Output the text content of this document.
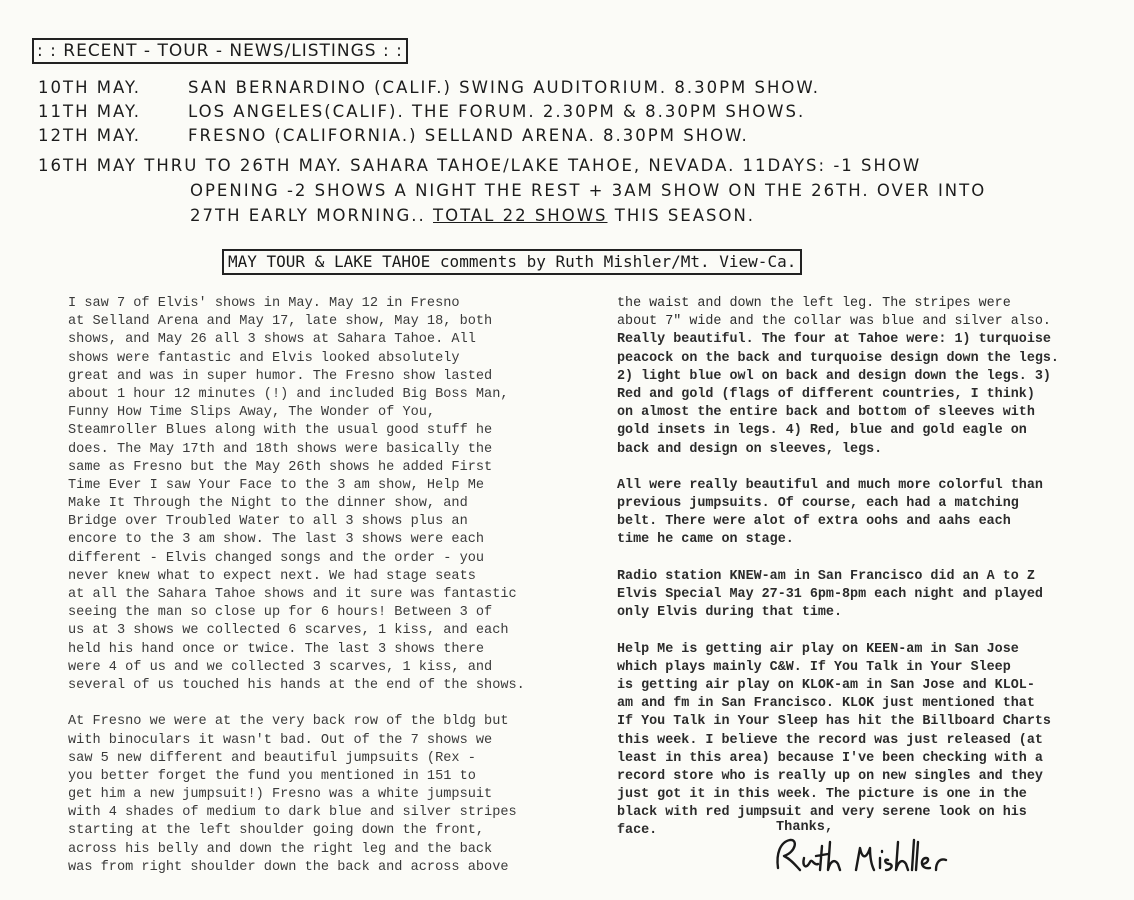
: : RECENT - TOUR - NEWS/LISTINGS : :
10TH MAY.	SAN BERNARDINO (CALIF.) SWING AUDITORIUM. 8.30PM SHOW.
11TH MAY.	LOS ANGELES(CALIF). THE FORUM. 2.30PM & 8.30PM SHOWS.
12TH MAY.	FRESNO (CALIFORNIA.) SELLAND ARENA. 8.30PM SHOW.
16TH MAY THRU TO 26TH MAY. SAHARA TAHOE/LAKE TAHOE, NEVADA. 11DAYS: -1 SHOW
OPENING -2 SHOWS A NIGHT THE REST + 3AM SHOW ON THE 26TH. OVER INTO
27TH EARLY MORNING.. TOTAL 22 SHOWS THIS SEASON.
MAY TOUR & LAKE TAHOE comments by Ruth Mishler/Mt. View-Ca.
I saw 7 of Elvis' shows in May. May 12 in Fresno
at Selland Arena and May 17, late show, May 18, both
shows, and May 26 all 3 shows at Sahara Tahoe. All
shows were fantastic and Elvis looked absolutely
great and was in super humor. The Fresno show lasted
about 1 hour 12 minutes (!) and included Big Boss Man,
Funny How Time Slips Away, The Wonder of You,
Steamroller Blues along with the usual good stuff he
does. The May 17th and 18th shows were basically the
same as Fresno but the May 26th shows he added First
Time Ever I saw Your Face to the 3 am show, Help Me
Make It Through the Night to the dinner show, and
Bridge over Troubled Water to all 3 shows plus an
encore to the 3 am show. The last 3 shows were each
different - Elvis changed songs and the order - you
never knew what to expect next. We had stage seats
at all the Sahara Tahoe shows and it sure was fantastic
seeing the man so close up for 6 hours! Between 3 of
us at 3 shows we collected 6 scarves, 1 kiss, and each
held his hand once or twice. The last 3 shows there
were 4 of us and we collected 3 scarves, 1 kiss, and
several of us touched his hands at the end of the shows.
At Fresno we were at the very back row of the bldg but
with binoculars it wasn't bad. Out of the 7 shows we
saw 5 new different and beautiful jumpsuits (Rex -
you better forget the fund you mentioned in 151 to
get him a new jumpsuit!) Fresno was a white jumpsuit
with 4 shades of medium to dark blue and silver stripes
starting at the left shoulder going down the front,
across his belly and down the right leg and the back
was from right shoulder down the back and across above
the waist and down the left leg. The stripes were
about 7" wide and the collar was blue and silver also.
Really beautiful. The four at Tahoe were: 1) turquoise
peacock on the back and turquoise design down the legs.
2) light blue owl on back and design down the legs. 3)
Red and gold (flags of different countries, I think)
on almost the entire back and bottom of sleeves with
gold insets in legs. 4) Red, blue and gold eagle on
back and design on sleeves, legs.
All were really beautiful and much more colorful than
previous jumpsuits. Of course, each had a matching
belt. There were alot of extra oohs and aahs each
time he came on stage.
Radio station KNEW-am in San Francisco did an A to Z
Elvis Special May 27-31 6pm-8pm each night and played
only Elvis during that time.
Help Me is getting air play on KEEN-am in San Jose
which plays mainly C&W. If You Talk in Your Sleep
is getting air play on KLOK-am in San Jose and KLOL-
am and fm in San Francisco. KLOK just mentioned that
If You Talk in Your Sleep has hit the Billboard Charts
this week. I believe the record was just released (at
least in this area) because I've been checking with a
record store who is really up on new singles and they
just got it in this week. The picture is one in the
black with red jumpsuit and very serene look on his
face.	Thanks,
